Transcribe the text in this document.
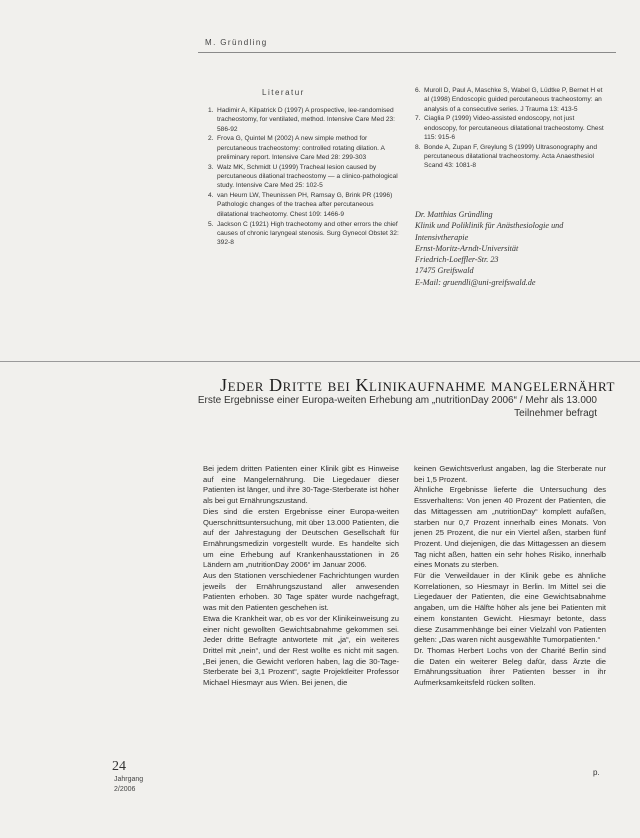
M. Gründling
Literatur
1. Hadimir A, Kilpatrick D (1997) A prospective, lee-randomised tracheostomy, for ventilated, method. Intensive Care Med 23: 586-92
2. Frova G, Quintel M (2002) A new simple method for percutaneous tracheostomy: controlled rotating dilation. A preliminary report. Intensive Care Med 28: 299-303
3. Walz MK, Schmidt U (1999) Tracheal lesion caused by percutaneous dilational tracheostomy — a clinico-pathological study. Intensive Care Med 25: 102-5
4. van Heurn LW, Theunissen PH, Ramsay G, Brink PR (1996) Pathologic changes of the trachea after percutaneous dilatational tracheotomy. Chest 109: 1466-9
5. Jackson C (1921) High tracheotomy and other errors the chief causes of chronic laryngeal stenosis. Surg Gynecol Obstet 32: 392-8
6. Muroll D, Paul A, Maschke S, Wabel G, Lüdtke P, Bernet H et al (1998) Endoscopic guided percutaneous tracheostomy: an analysis of a consecutive series. J Trauma 13: 413-5
7. Ciaglia P (1999) Video-assisted endoscopy, not just endoscopy, for percutaneous dilatational tracheostomy. Chest 115: 915-6
8. Bonde A, Zupan F, Greylung S (1999) Ultrasonography and percutaneous dilatational tracheostomy. Acta Anaesthesiol Scand 43: 1081-8
Dr. Matthias Gründling
Klinik und Poliklinik für Anästhesiologie und
Intensivtherapie
Ernst-Moritz-Arndt-Universität
Friedrich-Loeffler-Str. 23
17475 Greifswald
E-Mail: gruendli@uni-greifswald.de
Jeder Dritte bei Klinikaufnahme mangelernährt
Erste Ergebnisse einer Europa-weiten Erhebung am „nutritionDay 2006“ / Mehr als 13.000 Teilnehmer befragt

Bei jedem dritten Patienten einer Klinik gibt es Hinweise auf eine Mangelernährung. Die Liegedauer dieser Patienten ist länger, und ihre 30-Tage-Sterberate ist höher als bei gut Ernährungszustand.

Dies sind die ersten Ergebnisse einer Europa-weiten Querschnittsuntersuchung, mit über 13.000 Patienten, die auf der Jahrestagung der Deutschen Gesellschaft für Ernährungsmedizin vorgestellt wurde. Es handelte sich um eine Erhebung auf Krankenhausstationen in 26 Ländern am „nutritionDay 2006“ im Januar 2006.

Aus den Stationen verschiedener Fachrichtungen wurden jeweils der Ernährungszustand aller anwesenden Patienten erhoben. 30 Tage später wurde nachgefragt, was mit den Patienten geschehen ist.

Etwa die Krankheit war, ob es vor der Klinikeinweisung zu einer nicht gewollten Gewichtsabnahme gekommen sei. Jeder dritte Befragte antwortete mit „ja“, ein weiteres Drittel mit „nein“, und der Rest wollte es nicht mit sagen. „Bei jenen, die Gewicht verloren haben, lag die 30-Tage-Sterberate bei 3,1 Prozent“, sagte Projektleiter Professor Michael Hiesmayr aus Wien. Bei jenen, die

keinen Gewichtsverlust angaben, lag die Sterberate nur bei 1,5 Prozent.

Ähnliche Ergebnisse lieferte die Untersuchung des Essverhaltens: Von jenen 40 Prozent der Patienten, die das Mittagessen am „nutritionDay“ komplett aufaßen, starben nur 0,7 Prozent innerhalb eines Monats. Von jenen 25 Prozent, die nur ein Viertel aßen, starben fünf Prozent. Und diejenigen, die das Mittagessen an diesem Tag nicht aßen, hatten ein sehr hohes Risiko, innerhalb eines Monats zu sterben.

Für die Verweildauer in der Klinik gebe es ähnliche Korrelationen, so Hiesmayr in Berlin. Im Mittel sei die Liegedauer der Patienten, die eine Gewichtsabnahme angaben, um die Hälfte höher als jene bei Patienten mit einem konstanten Gewicht. Hiesmayr betonte, dass diese Zusammenhänge bei einer Vielzahl von Patienten gelten: „Das waren nicht ausgewählte Tumorpatienten.“

Dr. Thomas Herbert Lochs von der Charité Berlin sind die Daten ein weiterer Beleg dafür, dass Ärzte die Ernährungssituation ihrer Patienten besser in ihr Aufmerksamkeitsfeld rücken sollten.

24
Jahrgang
2/2006
p.
